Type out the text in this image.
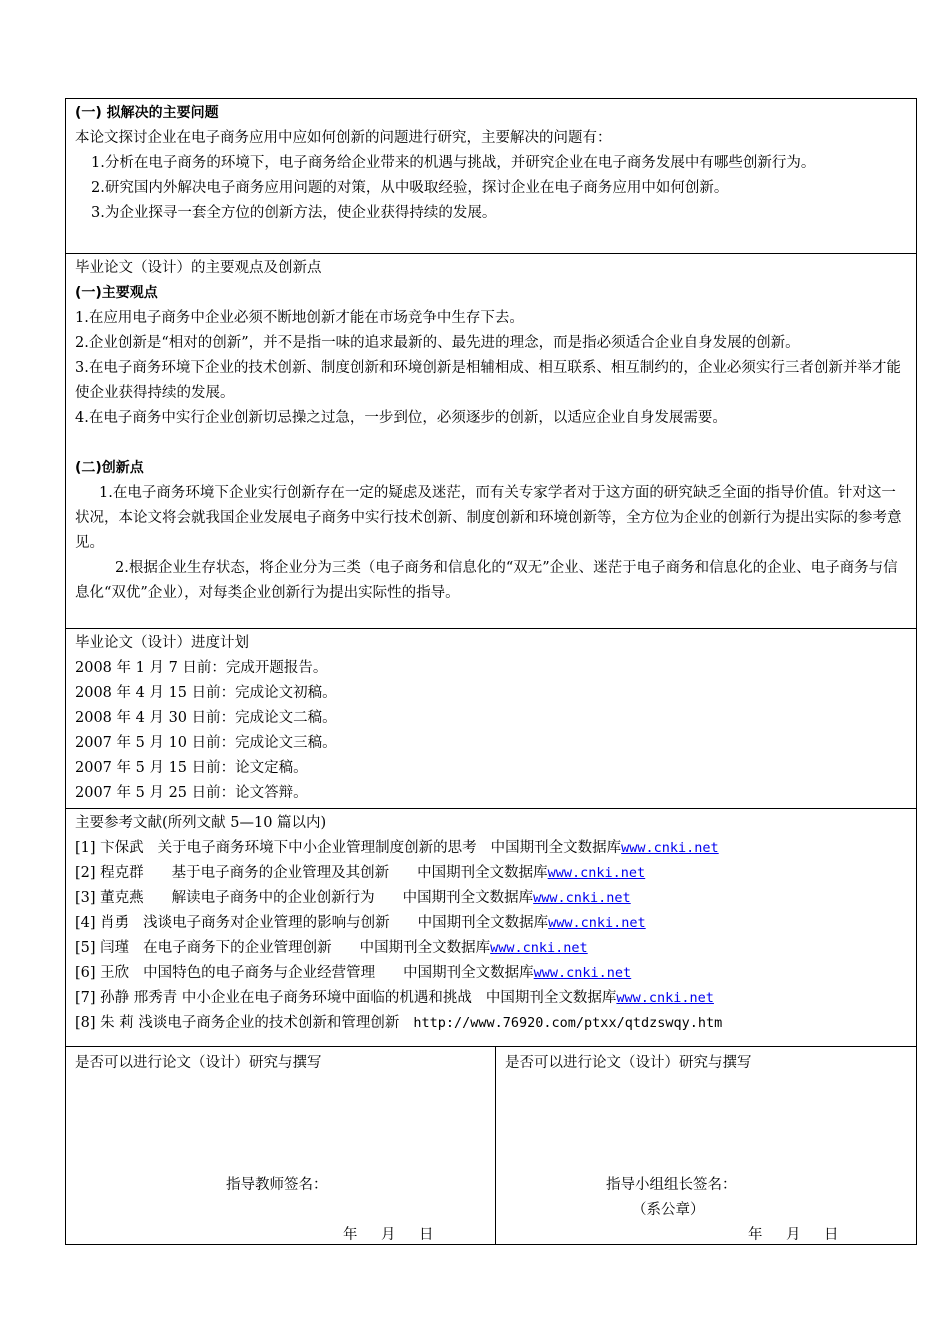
(一) 拟解决的主要问题
本论文探讨企业在电子商务应用中应如何创新的问题进行研究，主要解决的问题有：
1.分析在电子商务的环境下，电子商务给企业带来的机遇与挑战，并研究企业在电子商务发展中有哪些创新行为。
2.研究国内外解决电子商务应用问题的对策，从中吸取经验，探讨企业在电子商务应用中如何创新。
3.为企业探寻一套全方位的创新方法，使企业获得持续的发展。
毕业论文（设计）的主要观点及创新点
(一)主要观点
1.在应用电子商务中企业必须不断地创新才能在市场竞争中生存下去。
2.企业创新是“相对的创新”，并不是指一味的追求最新的、最先进的理念，而是指必须适合企业自身发展的创新。
3.在电子商务环境下企业的技术创新、制度创新和环境创新是相辅相成、相互联系、相互制约的，企业必须实行三者创新并举才能使企业获得持续的发展。
4.在电子商务中实行企业创新切忌操之过急，一步到位，必须逐步的创新，以适应企业自身发展需要。
(二)创新点
1.在电子商务环境下企业实行创新存在一定的疑虑及迷茫，而有关专家学者对于这方面的研究缺乏全面的指导价值。针对这一状况，本论文将会就我国企业发展电子商务中实行技术创新、制度创新和环境创新等，全方位为企业的创新行为提出实际的参考意见。
2.根据企业生存状态，将企业分为三类（电子商务和信息化的“双无”企业、迷茫于电子商务和信息化的企业、电子商务与信息化“双优”企业），对每类企业创新行为提出实际性的指导。
毕业论文（设计）进度计划
2008 年 1 月 7 日前：完成开题报告。
2008 年 4 月 15 日前：完成论文初稿。
2008 年 4 月 30 日前：完成论文二稿。
2007 年 5 月 10 日前：完成论文三稿。
2007 年 5 月 15 日前：论文定稿。
2007 年 5 月 25 日前：论文答辩。
主要参考文献(所列文献 5—10 篇以内)
[1] 卞保武 关于电子商务环境下中小企业管理制度创新的思考 中国期刊全文数据库www.cnki.net
[2] 程克群 基于电子商务的企业管理及其创新 中国期刊全文数据库www.cnki.net
[3] 董克燕 解读电子商务中的企业创新行为 中国期刊全文数据库www.cnki.net
[4] 肖勇 浅谈电子商务对企业管理的影响与创新 中国期刊全文数据库www.cnki.net
[5] 闫瑾 在电子商务下的企业管理创新 中国期刊全文数据库www.cnki.net
[6] 王欣 中国特色的电子商务与企业经营管理 中国期刊全文数据库www.cnki.net
[7] 孙静 邢秀青 中小企业在电子商务环境中面临的机遇和挑战 中国期刊全文数据库www.cnki.net
[8] 朱 莉 浅谈电子商务企业的技术创新和管理创新 http://www.76920.com/ptxx/qtdzswqy.htm
是否可以进行论文（设计）研究与撰写
指导教师签名：
年 月 日
是否可以进行论文（设计）研究与撰写
指导小组组长签名：
（系公章）
年 月 日
